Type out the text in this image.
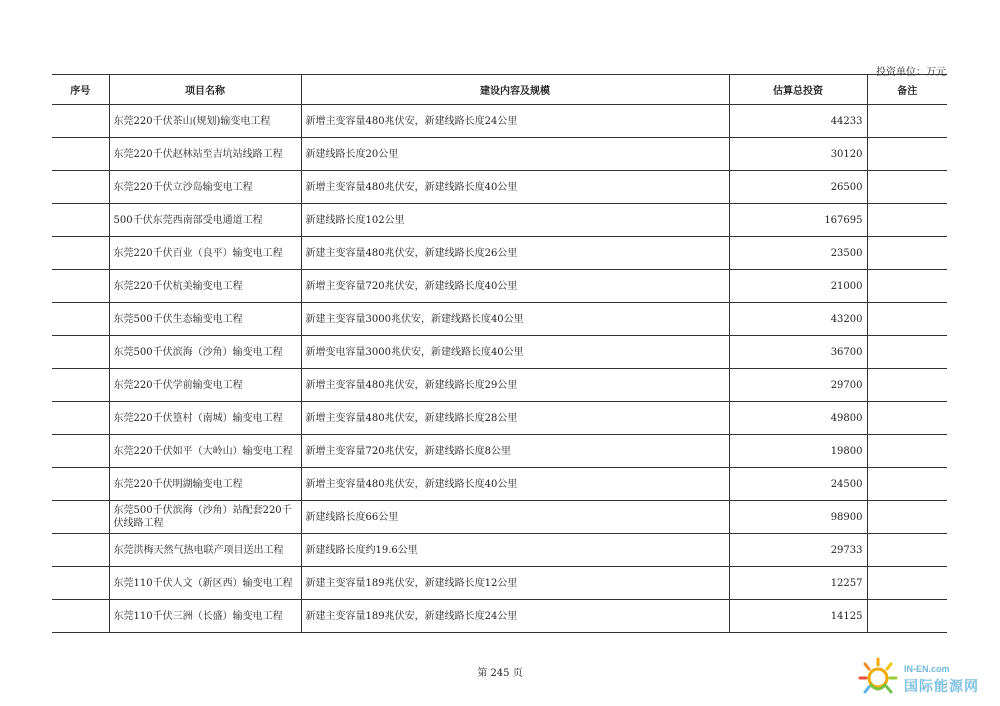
投资单位：万元
序号	项目名称	建设内容及规模	估算总投资	备注
	东莞220千伏茶山(规划)输变电工程	新增主变容量480兆伏安，新建线路长度24公里	44233	
	东莞220千伏赵林站至吉坑站线路工程	新建线路长度20公里	30120	
	东莞220千伏立沙岛输变电工程	新增主变容量480兆伏安，新建线路长度40公里	26500	
	500千伏东莞西南部受电通道工程	新建线路长度102公里	167695	
	东莞220千伏百业（良平）输变电工程	新建主变容量480兆伏安，新建线路长度26公里	23500	
	东莞220千伏杭美输变电工程	新增主变容量720兆伏安，新建线路长度40公里	21000	
	东莞500千伏生态输变电工程	新建主变容量3000兆伏安，新建线路长度40公里	43200	
	东莞500千伏滨海（沙角）输变电工程	新增变电容量3000兆伏安，新建线路长度40公里	36700	
	东莞220千伏学前输变电工程	新增主变容量480兆伏安，新建线路长度29公里	29700	
	东莞220千伏篁村（南城）输变电工程	新增主变容量480兆伏安，新建线路长度28公里	49800	
	东莞220千伏如平（大岭山）输变电工程	新增主变容量720兆伏安，新建线路长度8公里	19800	
	东莞220千伏明湖输变电工程	新增主变容量480兆伏安，新建线路长度40公里	24500	
	东莞500千伏滨海（沙角）站配套220千伏线路工程	新建线路长度66公里	98900	
	东莞洪梅天然气热电联产项目送出工程	新建线路长度约19.6公里	29733	
	东莞110千伏人文（新区西）输变电工程	新建主变容量189兆伏安，新建线路长度12公里	12257	
	东莞110千伏三洲（长盛）输变电工程	新建主变容量189兆伏安，新建线路长度24公里	14125	
第 245 页	IN-EN.com
国际能源网
